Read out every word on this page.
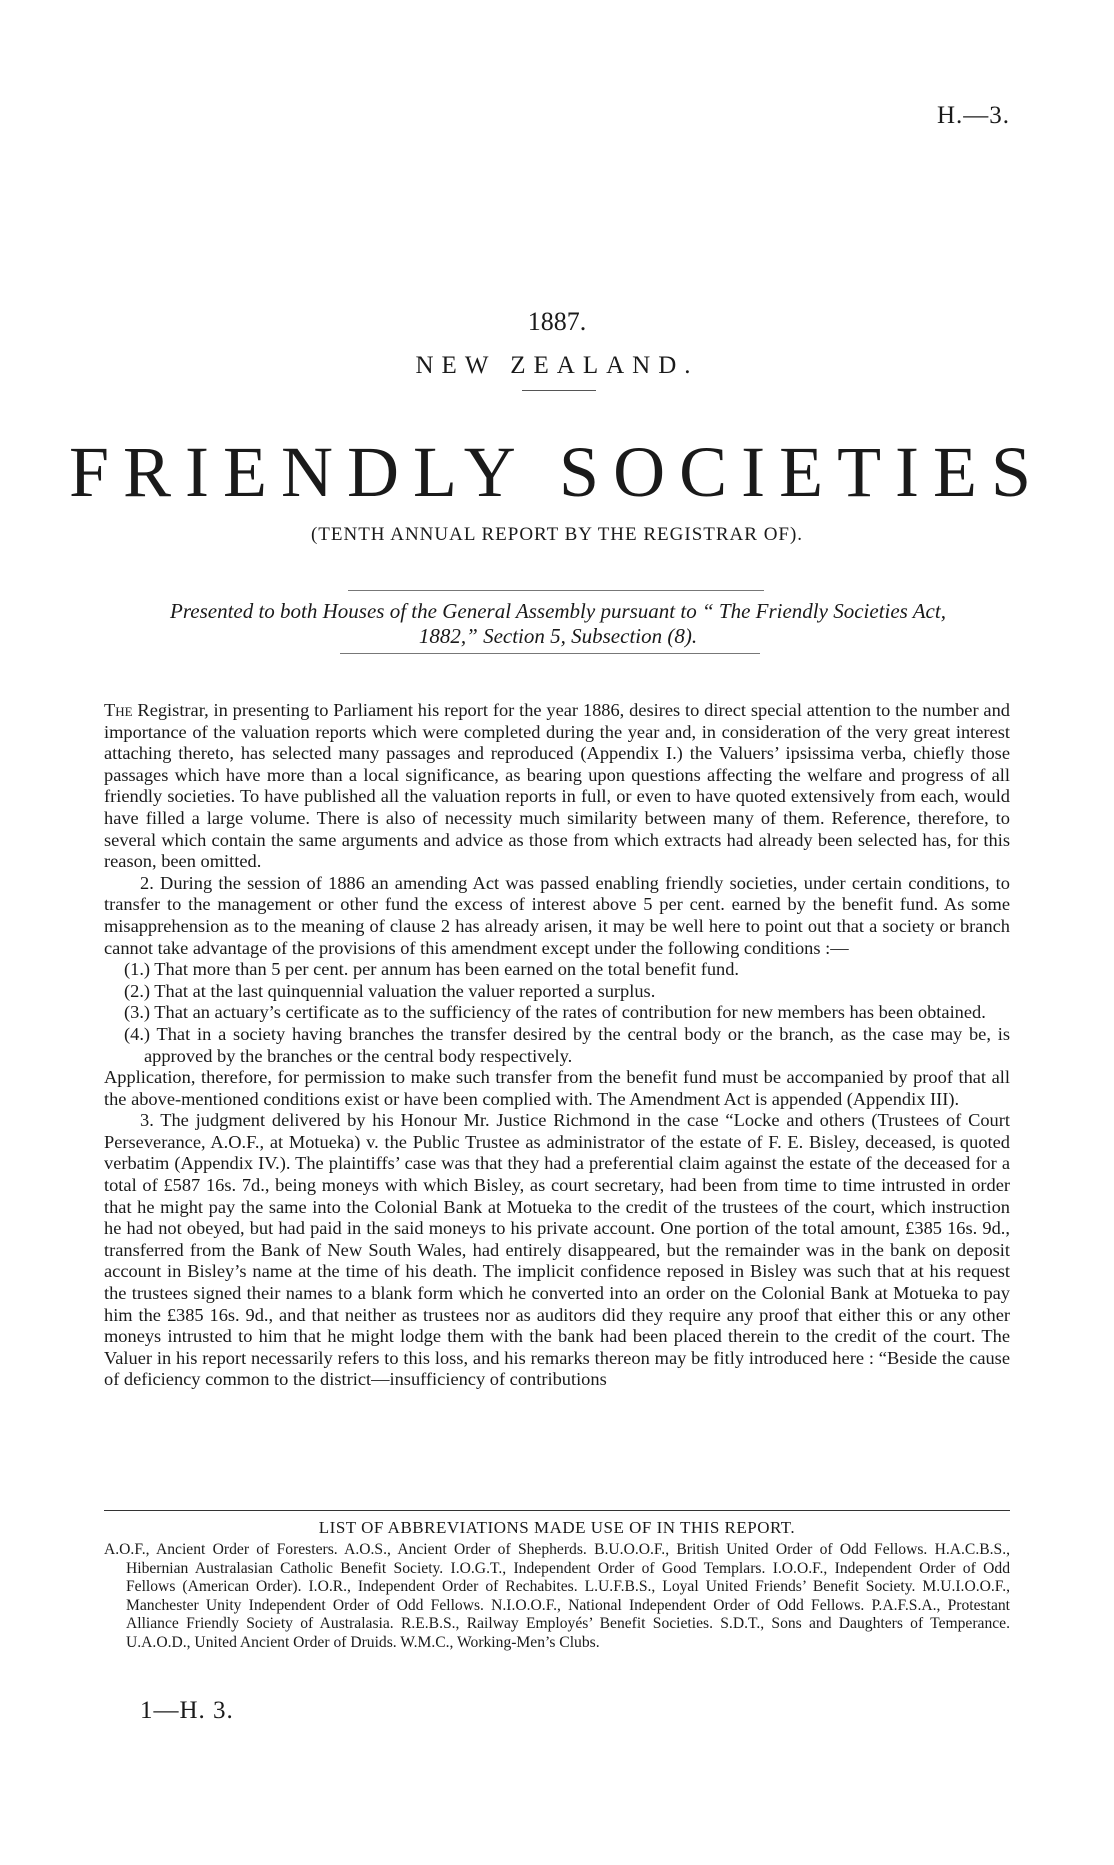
H.—3.
1887.
NEW ZEALAND.
FRIENDLY SOCIETIES
(TENTH ANNUAL REPORT BY THE REGISTRAR OF).
Presented to both Houses of the General Assembly pursuant to “ The Friendly Societies Act,
1882,” Section 5, Subsection (8).

The Registrar, in presenting to Parliament his report for the year 1886, desires to direct special attention to the number and importance of the valuation reports which were completed during the year and, in consideration of the very great interest attaching thereto, has selected many passages and reproduced (Appendix I.) the Valuers’ ipsissima verba, chiefly those passages which have more than a local significance, as bearing upon questions affecting the welfare and progress of all friendly societies. To have published all the valuation reports in full, or even to have quoted extensively from each, would have filled a large volume. There is also of necessity much similarity between many of them. Reference, therefore, to several which contain the same arguments and advice as those from which extracts had already been selected has, for this reason, been omitted.

2. During the session of 1886 an amending Act was passed enabling friendly societies, under certain conditions, to transfer to the management or other fund the excess of interest above 5 per cent. earned by the benefit fund. As some misapprehension as to the meaning of clause 2 has already arisen, it may be well here to point out that a society or branch cannot take advantage of the provisions of this amendment except under the following conditions :—

(1.) That more than 5 per cent. per annum has been earned on the total benefit fund.
(2.) That at the last quinquennial valuation the valuer reported a surplus.
(3.) That an actuary’s certificate as to the sufficiency of the rates of contribution for new members has been obtained.
(4.) That in a society having branches the transfer desired by the central body or the branch, as the case may be, is approved by the branches or the central body respectively.

Application, therefore, for permission to make such transfer from the benefit fund must be accompanied by proof that all the above-mentioned conditions exist or have been complied with. The Amendment Act is appended (Appendix III).

3. The judgment delivered by his Honour Mr. Justice Richmond in the case “Locke and others (Trustees of Court Perseverance, A.O.F., at Motueka) v. the Public Trustee as administrator of the estate of F. E. Bisley, deceased, is quoted verbatim (Appendix IV.). The plaintiffs’ case was that they had a preferential claim against the estate of the deceased for a total of £587 16s. 7d., being moneys with which Bisley, as court secretary, had been from time to time intrusted in order that he might pay the same into the Colonial Bank at Motueka to the credit of the trustees of the court, which instruction he had not obeyed, but had paid in the said moneys to his private account. One portion of the total amount, £385 16s. 9d., transferred from the Bank of New South Wales, had entirely disappeared, but the remainder was in the bank on deposit account in Bisley’s name at the time of his death. The implicit confidence reposed in Bisley was such that at his request the trustees signed their names to a blank form which he converted into an order on the Colonial Bank at Motueka to pay him the £385 16s. 9d., and that neither as trustees nor as auditors did they require any proof that either this or any other moneys intrusted to him that he might lodge them with the bank had been placed therein to the credit of the court. The Valuer in his report necessarily refers to this loss, and his remarks thereon may be fitly introduced here : “Beside the cause of deficiency common to the district—insufficiency of contributions

LIST OF ABBREVIATIONS MADE USE OF IN THIS REPORT.
A.O.F., Ancient Order of Foresters. A.O.S., Ancient Order of Shepherds. B.U.O.O.F., British United Order of Odd Fellows. H.A.C.B.S., Hibernian Australasian Catholic Benefit Society. I.O.G.T., Independent Order of Good Templars. I.O.O.F., Independent Order of Odd Fellows (American Order). I.O.R., Independent Order of Rechabites. L.U.F.B.S., Loyal United Friends’ Benefit Society. M.U.I.O.O.F., Manchester Unity Independent Order of Odd Fellows. N.I.O.O.F., National Independent Order of Odd Fellows. P.A.F.S.A., Protestant Alliance Friendly Society of Australasia. R.E.B.S., Railway Employés’ Benefit Societies. S.D.T., Sons and Daughters of Temperance. U.A.O.D., United Ancient Order of Druids. W.M.C., Working-Men’s Clubs.
1—H. 3.
